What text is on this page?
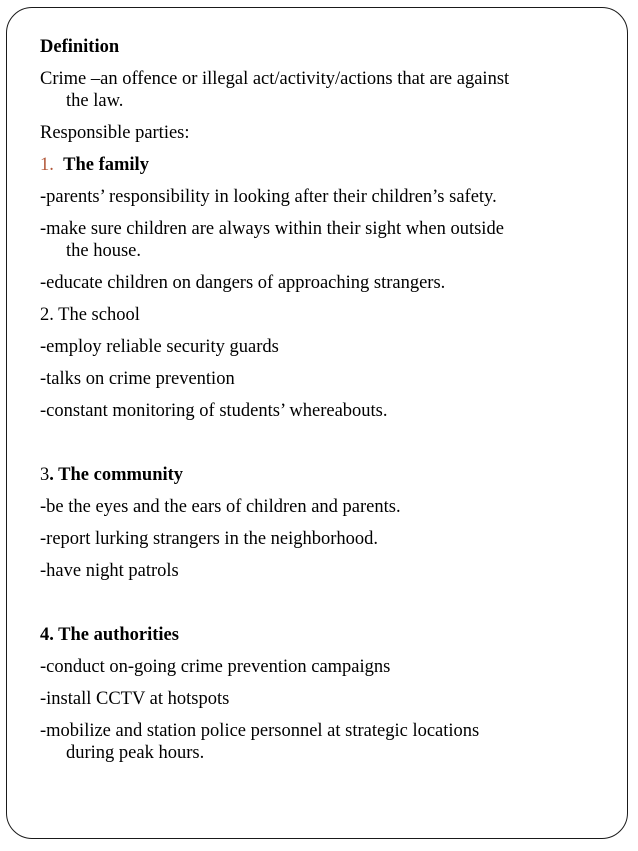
Definition
Crime –an offence or illegal act/activity/actions that are against
the law.
Responsible parties:
1. The family
-parents’ responsibility in looking after their children’s safety.
-make sure children are always within their sight when outside
the house.
-educate children on dangers of approaching strangers.
2. The school
-employ reliable security guards
-talks on crime prevention
-constant monitoring of students’ whereabouts.
3. The community
-be the eyes and the ears of children and parents.
-report lurking strangers in the neighborhood.
-have night patrols
4. The authorities
-conduct on-going crime prevention campaigns
-install CCTV at hotspots
-mobilize and station police personnel at strategic locations
during peak hours.
